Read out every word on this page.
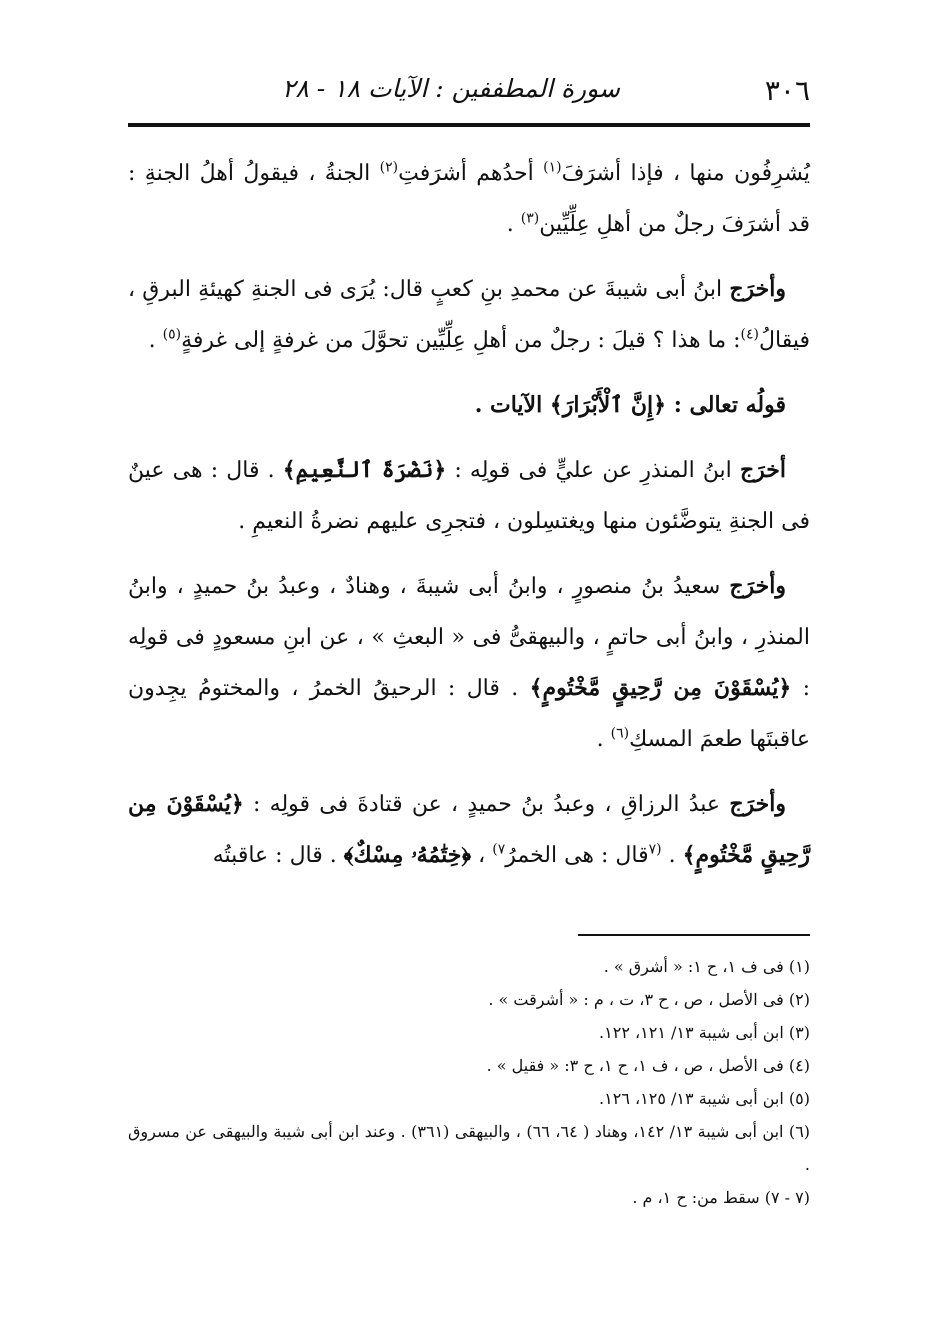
٣٠٦
سورة المطففين : الآيات ١٨ - ٢٨

يُشرِفُون منها ، فإذا أشرَفَ$^{(١)}$ أحدُهم أشرَفتِ$^{(٢)}$ الجنةُ ، فيقولُ أهلُ الجنةِ : قد أشرَفَ رجلٌ من أهلِ عِلِّيِّين$^{(٣)}$ .

وأخرَج ابنُ أبى شيبةَ عن محمدِ بنِ كعبٍ قال: يُرَى فى الجنةِ كهيئةِ البرقِ ، فيقالُ$^{(٤)}$: ما هذا ؟ قيلَ : رجلٌ من أهلِ عِلِّيِّين تحوَّلَ من غرفةٍ إلى غرفةٍ$^{(٥)}$ .

قولُه تعالى : ﴿إِنَّ ٱلْأَبْرَارَ﴾ الآيات .

أخرَج ابنُ المنذرِ عن عليٍّ فى قولِه : ﴿نَضْرَةَ ٱلنَّعِيمِ﴾ . قال : هى عينٌ فى الجنةِ يتوضَّئون منها ويغتسِلون ، فتجرِى عليهم نضرةُ النعيمِ .

وأخرَج سعيدُ بنُ منصورٍ ، وابنُ أبى شيبةَ ، وهنادٌ ، وعبدُ بنُ حميدٍ ، وابنُ المنذرِ ، وابنُ أبى حاتمٍ ، والبيهقىُّ فى « البعثِ » ، عن ابنِ مسعودٍ فى قولِه : ﴿يُسْقَوْنَ مِن رَّحِيقٍ مَّخْتُومٍ﴾ . قال : الرحيقُ الخمرُ ، والمختومُ يجِدون عاقبتَها طعمَ المسكِ$^{(٦)}$ .

وأخرَج عبدُ الرزاقِ ، وعبدُ بنُ حميدٍ ، عن قتادةَ فى قولِه : ﴿يُسْقَوْنَ مِن رَّحِيقٍ مَّخْتُومٍ﴾ . $^{(٧}$قال : هى الخمرُ$^{٧)}$ ، ﴿خِتَٰمُهُۥ مِسْكٌ﴾ . قال : عاقبتُه

(١) فى ف ١، ح ١: « أشرق » .

(٢) فى الأصل ، ص ، ح ٣، ت ، م : « أشرقت » .

(٣) ابن أبى شيبة ١٣/ ١٢١، ١٢٢.

(٤) فى الأصل ، ص ، ف ١، ح ١، ح ٣: « فقيل » .

(٥) ابن أبى شيبة ١٣/ ١٢٥، ١٢٦.

(٦) ابن أبى شيبة ١٣/ ١٤٢، وهناد ( ٦٤، ٦٦) ، والبيهقى (٣٦١) . وعند ابن أبى شيبة والبيهقى عن مسروق .

(٧ - ٧) سقط من: ح ١، م .
